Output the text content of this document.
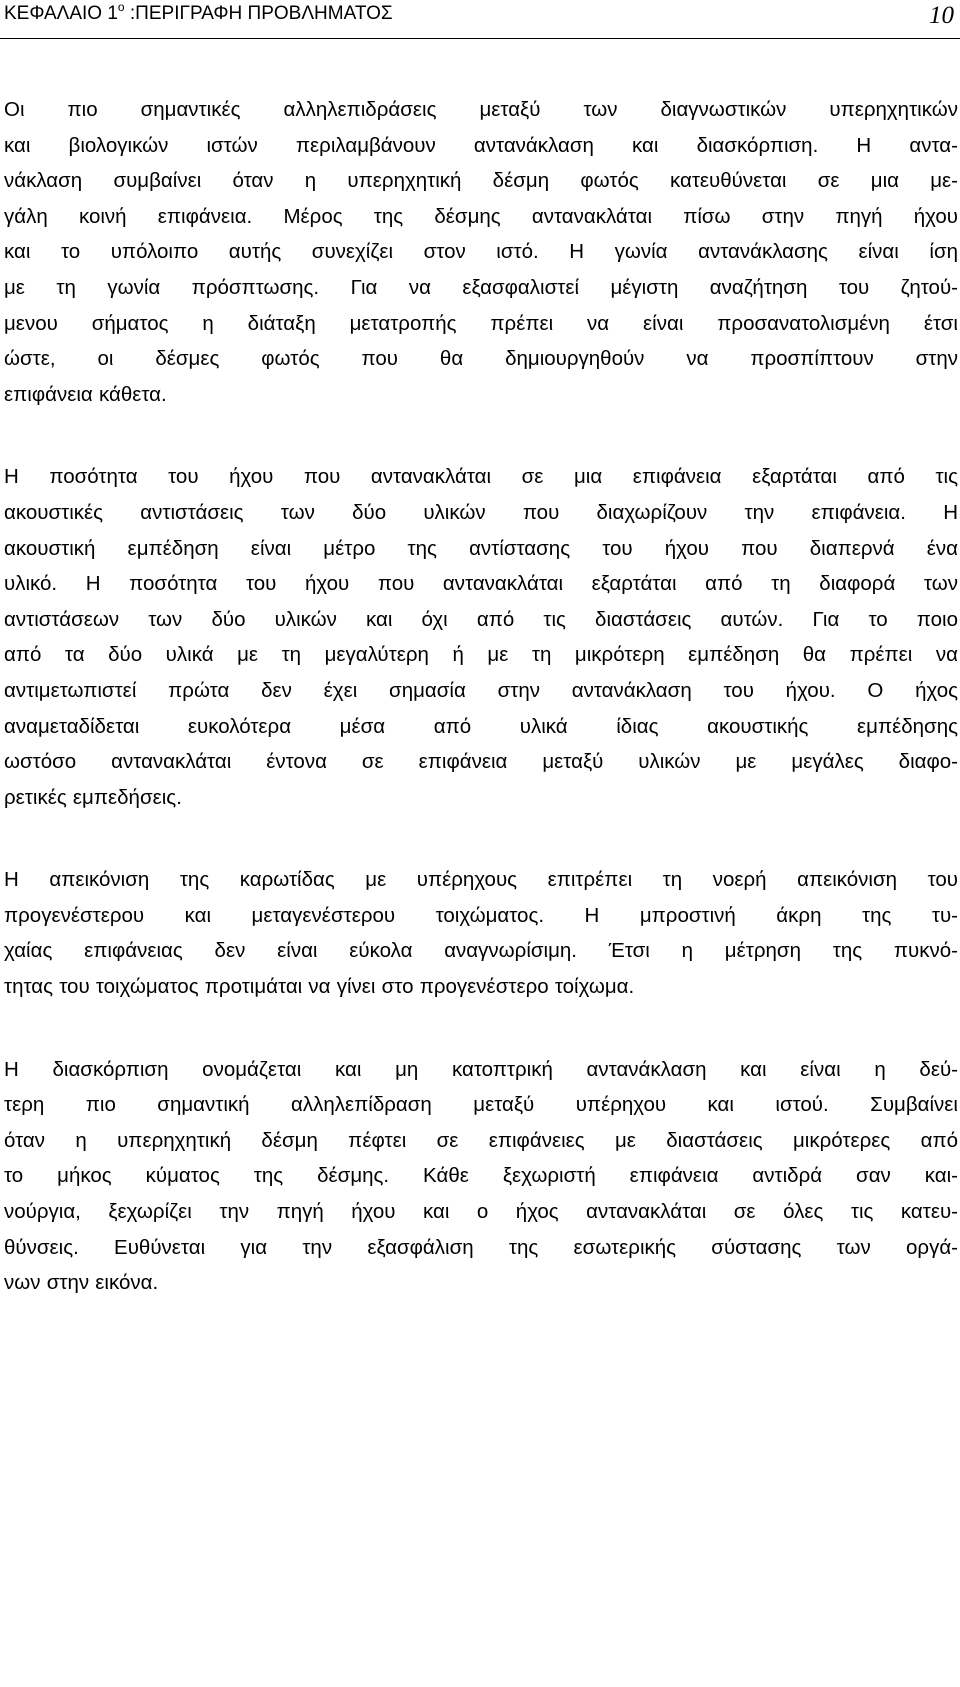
ΚΕΦΑΛΑΙΟ $1^o$ :ΠΕΡΙΓΡΑΦΗ ΠΡΟΒΛΗΜΑΤΟΣ	10

Οι πιο σημαντικές αλληλεπιδράσεις μεταξύ των διαγνωστικών υπερηχητικών
και βιολογικών ιστών περιλαμβάνουν αντανάκλαση και διασκόρπιση. Η αντα-
νάκλαση συμβαίνει όταν η υπερηχητική δέσμη φωτός κατευθύνεται σε μια με-
γάλη κοινή επιφάνεια. Μέρος της δέσμης αντανακλάται πίσω στην πηγή ήχου
και το υπόλοιπο αυτής συνεχίζει στον ιστό. Η γωνία αντανάκλασης είναι ίση
με τη γωνία πρόσπτωσης. Για να εξασφαλιστεί μέγιστη αναζήτηση του ζητού-
μενου σήματος η διάταξη μετατροπής πρέπει να είναι προσανατολισμένη έτσι
ώστε, οι δέσμες φωτός που θα δημιουργηθούν να προσπίπτουν στην
επιφάνεια κάθετα.

Η ποσότητα του ήχου που αντανακλάται σε μια επιφάνεια εξαρτάται από τις
ακουστικές αντιστάσεις των δύο υλικών που διαχωρίζουν την επιφάνεια. Η
ακουστική εμπέδηση είναι μέτρο της αντίστασης του ήχου που διαπερνά ένα
υλικό. Η ποσότητα του ήχου που αντανακλάται εξαρτάται από τη διαφορά των
αντιστάσεων των δύο υλικών και όχι από τις διαστάσεις αυτών. Για το ποιο
από τα δύο υλικά με τη μεγαλύτερη ή με τη μικρότερη εμπέδηση θα πρέπει να
αντιμετωπιστεί πρώτα δεν έχει σημασία στην αντανάκλαση του ήχου. Ο ήχος
αναμεταδίδεται ευκολότερα μέσα από υλικά ίδιας ακουστικής εμπέδησης
ωστόσο αντανακλάται έντονα σε επιφάνεια μεταξύ υλικών με μεγάλες διαφο-
ρετικές εμπεδήσεις.

Η απεικόνιση της καρωτίδας με υπέρηχους επιτρέπει τη νοερή απεικόνιση του
προγενέστερου και μεταγενέστερου τοιχώματος. Η μπροστινή άκρη της τυ-
χαίας επιφάνειας δεν είναι εύκολα αναγνωρίσιμη. Έτσι η μέτρηση της πυκνό-
τητας του τοιχώματος προτιμάται να γίνει στο προγενέστερο τοίχωμα.

Η διασκόρπιση ονομάζεται και μη κατοπτρική αντανάκλαση και είναι η δεύ-
τερη πιο σημαντική αλληλεπίδραση μεταξύ υπέρηχου και ιστού. Συμβαίνει
όταν η υπερηχητική δέσμη πέφτει σε επιφάνειες με διαστάσεις μικρότερες από
το μήκος κύματος της δέσμης. Κάθε ξεχωριστή επιφάνεια αντιδρά σαν και-
νούργια, ξεχωρίζει την πηγή ήχου και ο ήχος αντανακλάται σε όλες τις κατευ-
θύνσεις. Ευθύνεται για την εξασφάλιση της εσωτερικής σύστασης των οργά-
νων στην εικόνα.
